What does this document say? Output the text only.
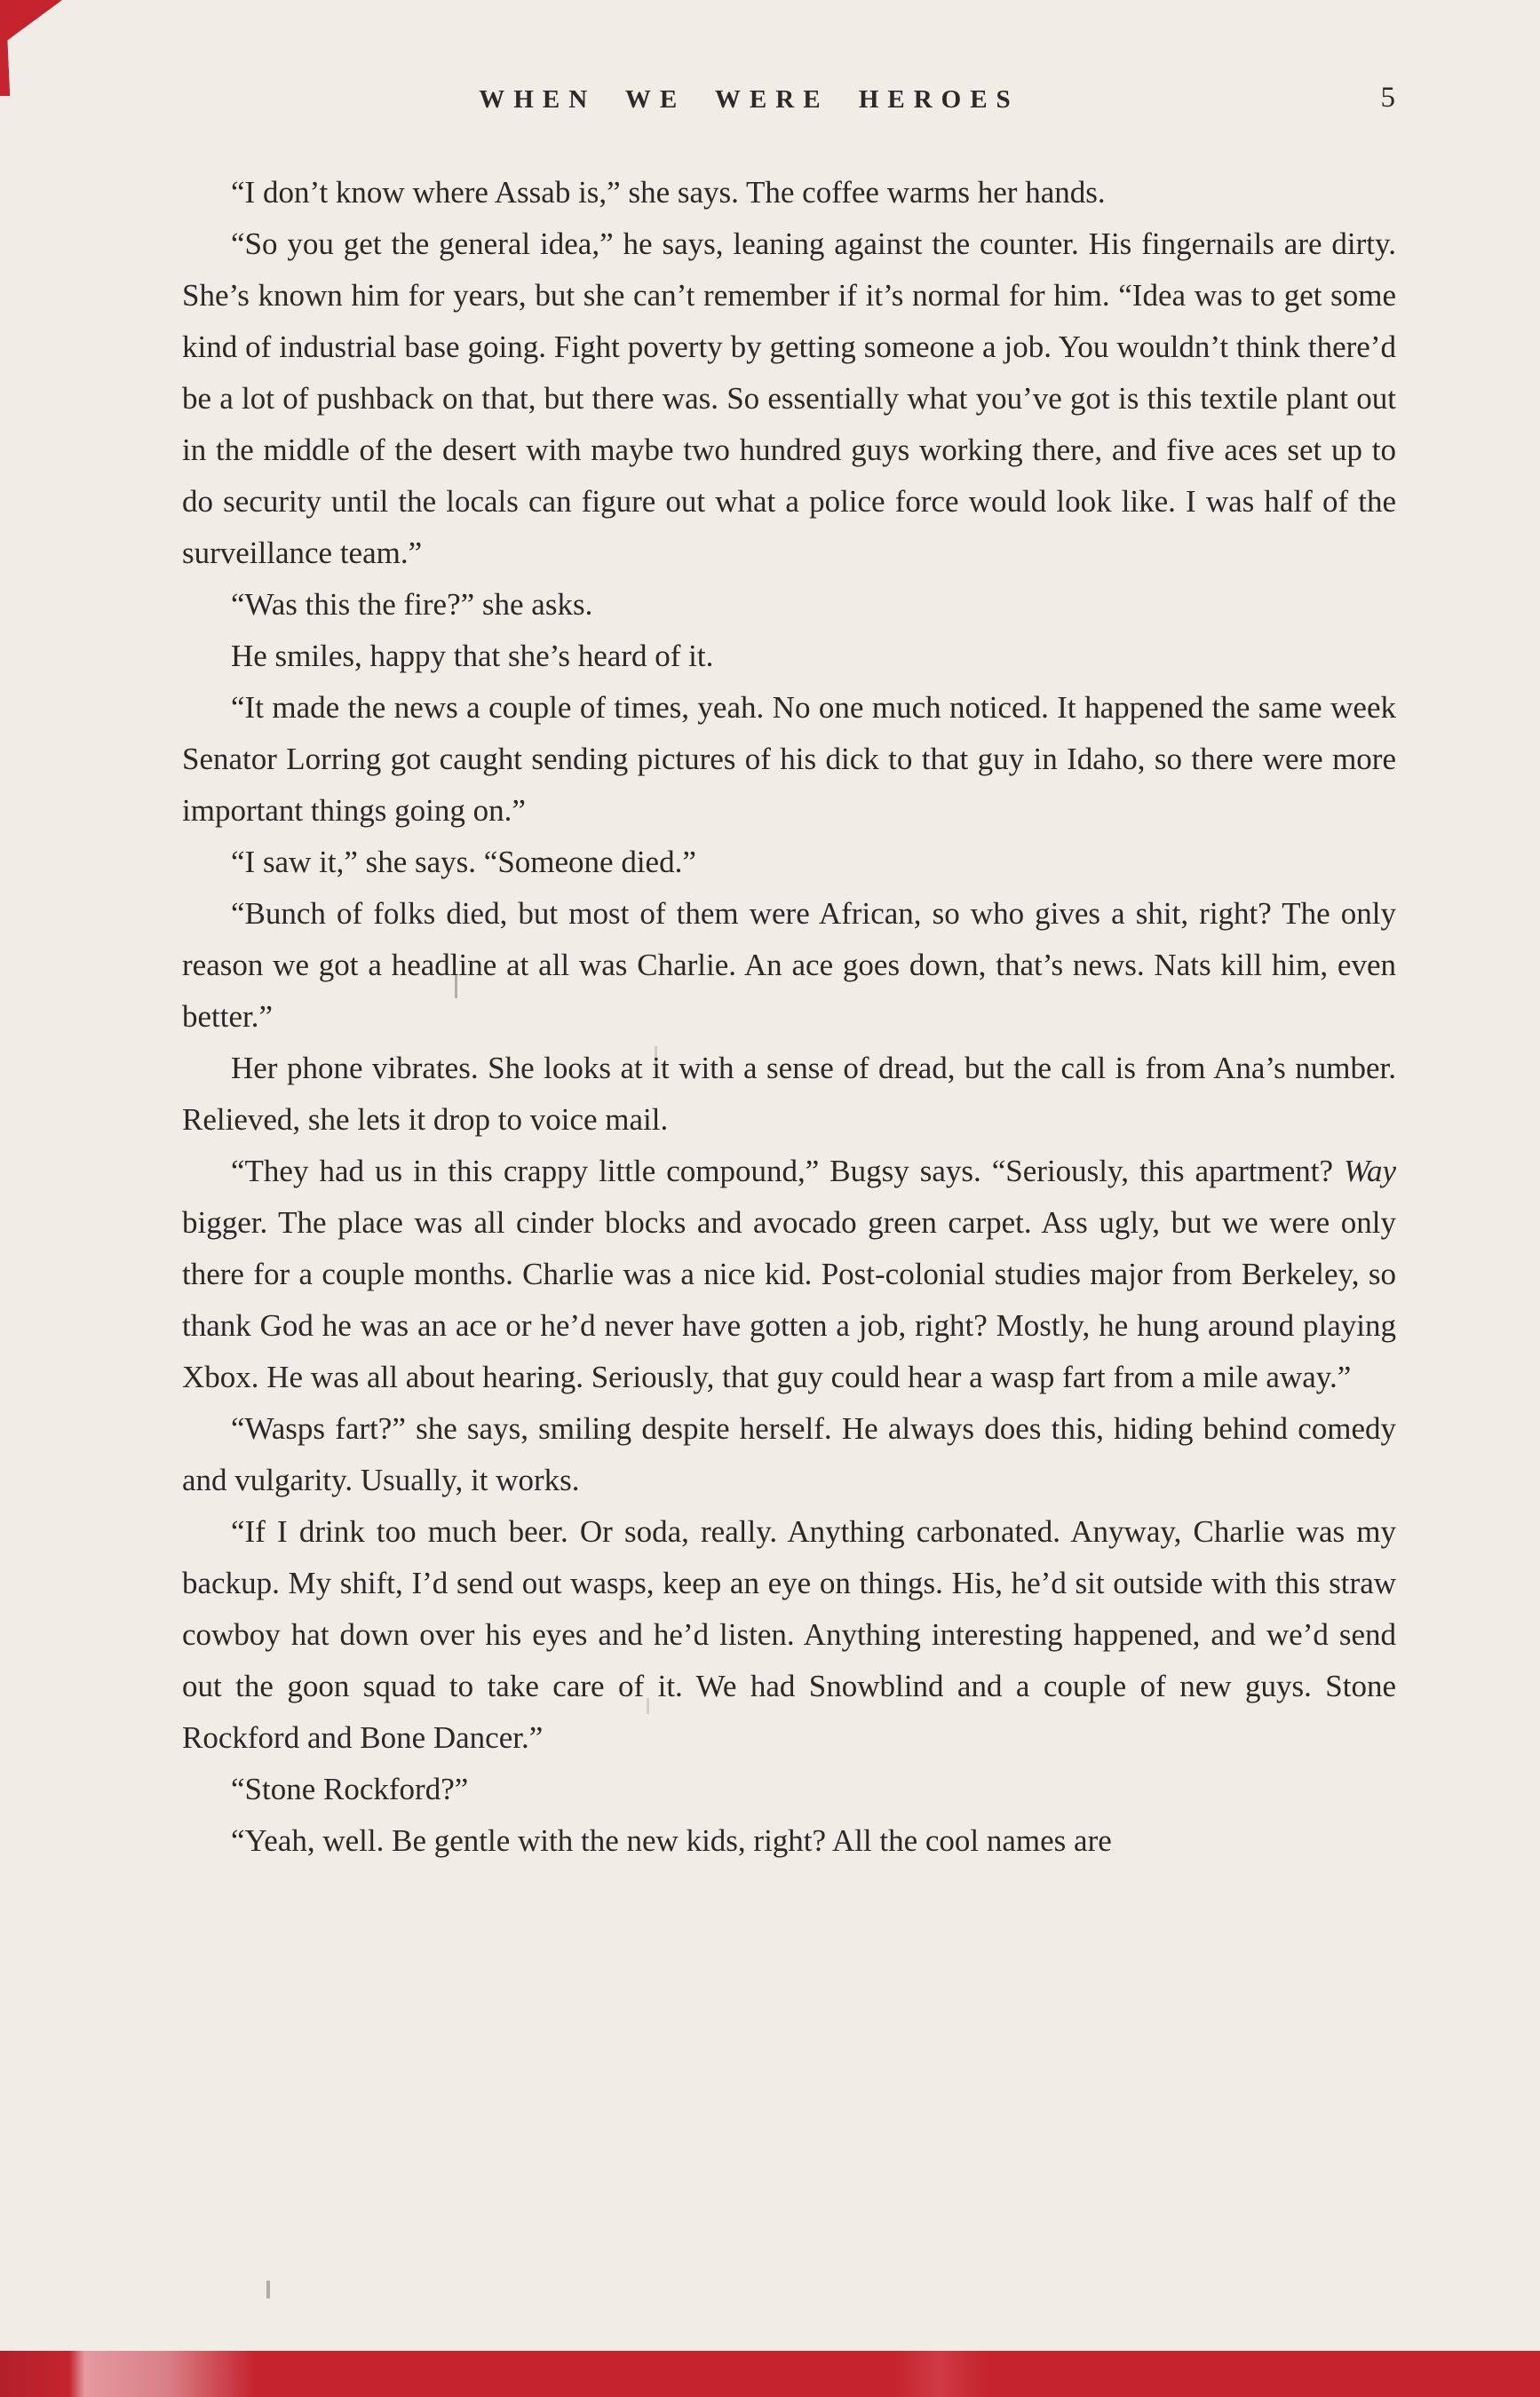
WHEN WE WERE HEROES	5

“I don’t know where Assab is,” she says. The coffee warms her hands.

“So you get the general idea,” he says, leaning against the counter. His fingernails are dirty. She’s known him for years, but she can’t remember if it’s normal for him. “Idea was to get some kind of industrial base going. Fight poverty by getting someone a job. You wouldn’t think there’d be a lot of pushback on that, but there was. So essentially what you’ve got is this textile plant out in the middle of the desert with maybe two hundred guys working there, and five aces set up to do security until the locals can figure out what a police force would look like. I was half of the surveillance team.”

“Was this the fire?” she asks.

He smiles, happy that she’s heard of it.

“It made the news a couple of times, yeah. No one much noticed. It happened the same week Senator Lorring got caught sending pictures of his dick to that guy in Idaho, so there were more important things going on.”

“I saw it,” she says. “Someone died.”

“Bunch of folks died, but most of them were African, so who gives a shit, right? The only reason we got a headline at all was Charlie. An ace goes down, that’s news. Nats kill him, even better.”

Her phone vibrates. She looks at it with a sense of dread, but the call is from Ana’s number. Relieved, she lets it drop to voice mail.

“They had us in this crappy little compound,” Bugsy says. “Seriously, this apartment? Way bigger. The place was all cinder blocks and avocado green carpet. Ass ugly, but we were only there for a couple months. Charlie was a nice kid. Post-colonial studies major from Berkeley, so thank God he was an ace or he’d never have gotten a job, right? Mostly, he hung around playing Xbox. He was all about hearing. Seriously, that guy could hear a wasp fart from a mile away.”

“Wasps fart?” she says, smiling despite herself. He always does this, hiding behind comedy and vulgarity. Usually, it works.

“If I drink too much beer. Or soda, really. Anything carbonated. Anyway, Charlie was my backup. My shift, I’d send out wasps, keep an eye on things. His, he’d sit outside with this straw cowboy hat down over his eyes and he’d listen. Anything interesting happened, and we’d send out the goon squad to take care of it. We had Snowblind and a couple of new guys. Stone Rockford and Bone Dancer.”

“Stone Rockford?”

“Yeah, well. Be gentle with the new kids, right? All the cool names are
